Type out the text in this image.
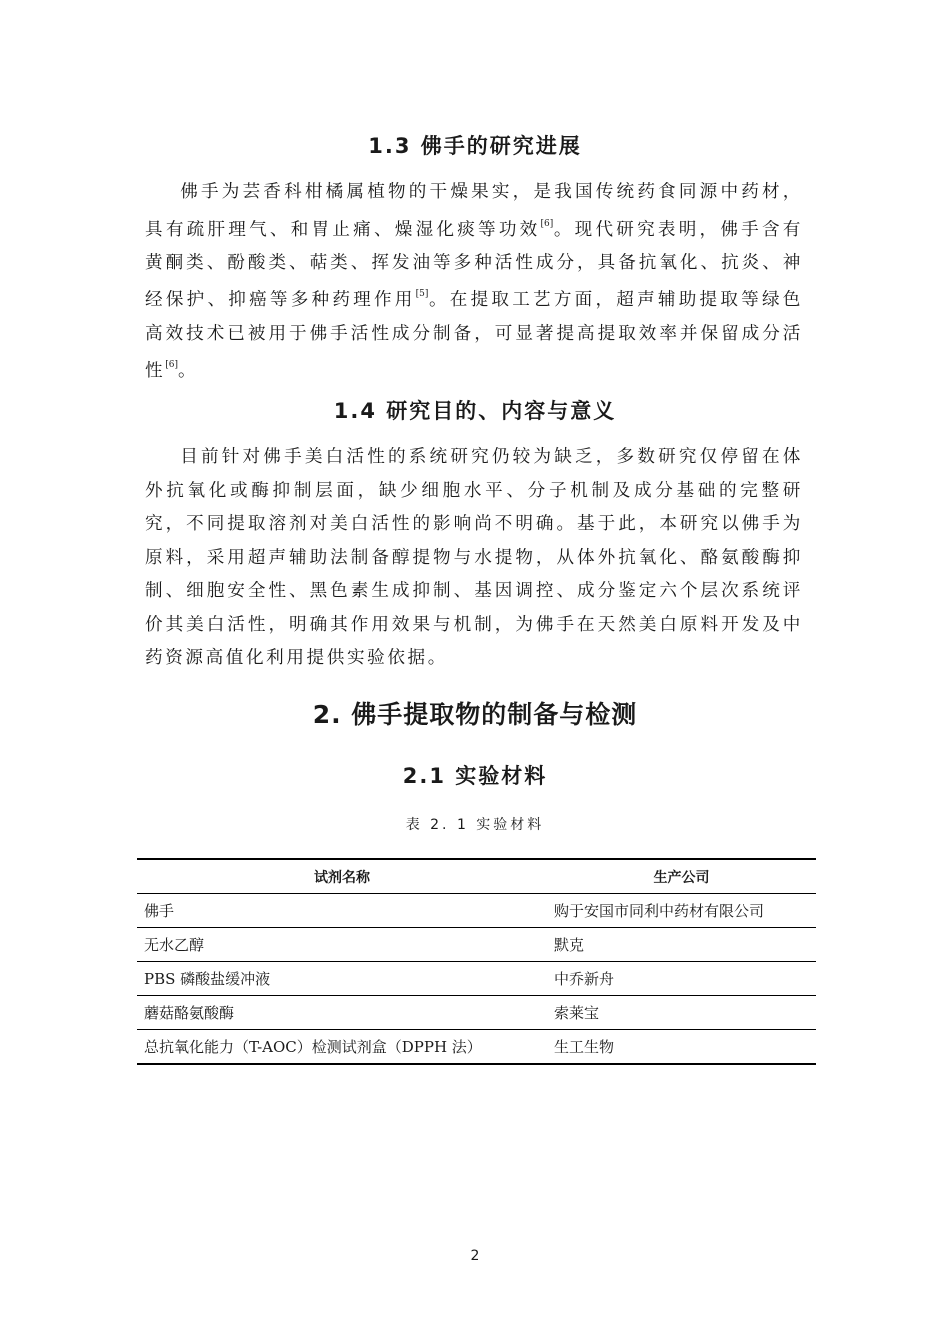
1.3 佛手的研究进展

佛手为芸香科柑橘属植物的干燥果实，是我国传统药食同源中药材，具有疏肝理气、和胃止痛、燥湿化痰等功效[6]。现代研究表明，佛手含有黄酮类、酚酸类、萜类、挥发油等多种活性成分，具备抗氧化、抗炎、神经保护、抑癌等多种药理作用[5]。在提取工艺方面，超声辅助提取等绿色高效技术已被用于佛手活性成分制备，可显著提高提取效率并保留成分活性[6]。

1.4 研究目的、内容与意义

目前针对佛手美白活性的系统研究仍较为缺乏，多数研究仅停留在体外抗氧化或酶抑制层面，缺少细胞水平、分子机制及成分基础的完整研究，不同提取溶剂对美白活性的影响尚不明确。基于此，本研究以佛手为原料，采用超声辅助法制备醇提物与水提物，从体外抗氧化、酪氨酸酶抑制、细胞安全性、黑色素生成抑制、基因调控、成分鉴定六个层次系统评价其美白活性，明确其作用效果与机制，为佛手在天然美白原料开发及中药资源高值化利用提供实验依据。

2. 佛手提取物的制备与检测
2.1 实验材料

表 2. 1 实验材料

试剂名称	生产公司
佛手	购于安国市同利中药材有限公司
无水乙醇	默克
PBS 磷酸盐缓冲液	中乔新舟
蘑菇酪氨酸酶	索莱宝
总抗氧化能力（T-AOC）检测试剂盒（DPPH 法）	生工生物

2
